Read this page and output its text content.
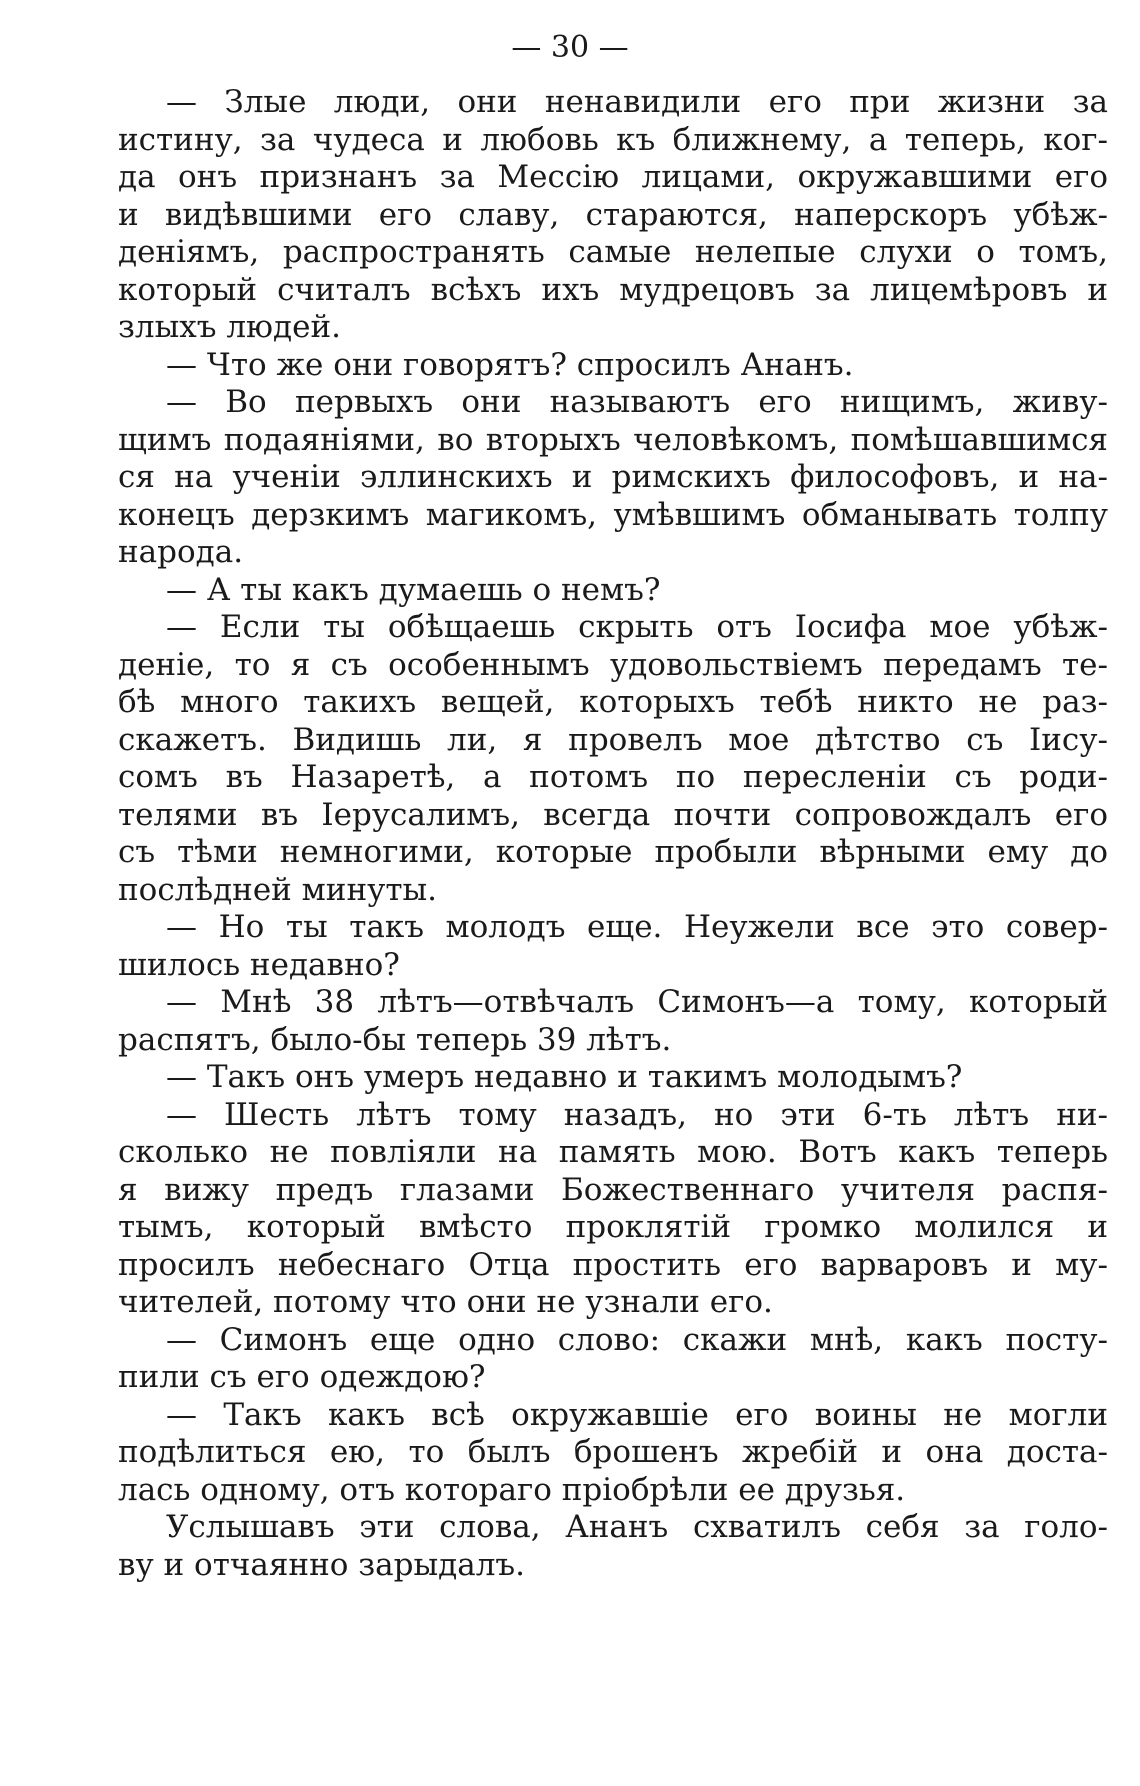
— 30 —
— Злые люди, они ненавидили его при жизни за
истину, за чудеса и любовь къ ближнему, а теперь, ког-
да онъ признанъ за Мессію лицами, окружавшими его
и видѣвшими его славу, стараются, наперскоръ убѣж-
деніямъ, распространять самые нелепые слухи о томъ,
который считалъ всѣхъ ихъ мудрецовъ за лицемѣровъ и
злыхъ людей.
— Что же они говорятъ? спросилъ Ананъ.
— Во первыхъ они называютъ его нищимъ, живу-
щимъ подаяніями, во вторыхъ человѣкомъ, помѣшавшимся
ся на ученіи эллинскихъ и римскихъ философовъ, и на-
конецъ дерзкимъ магикомъ, умѣвшимъ обманывать толпу
народа.
— А ты какъ думаешь о немъ?
— Если ты обѣщаешь скрыть отъ Іосифа мое убѣж-
деніе, то я съ особеннымъ удовольствіемъ передамъ те-
бѣ много такихъ вещей, которыхъ тебѣ никто не раз-
скажетъ. Видишь ли, я провелъ мое дѣтство съ Іису-
сомъ въ Назаретѣ, а потомъ по пересленіи съ роди-
телями въ Іерусалимъ, всегда почти сопровождалъ его
съ тѣми немногими, которые пробыли вѣрными ему до
послѣдней минуты.
— Но ты такъ молодъ еще. Неужели все это совер-
шилось недавно?
— Мнѣ 38 лѣтъ—отвѣчалъ Симонъ—а тому, который
распятъ, было-бы теперь 39 лѣтъ.
— Такъ онъ умеръ недавно и такимъ молодымъ?
— Шесть лѣтъ тому назадъ, но эти 6-ть лѣтъ ни-
сколько не повліяли на память мою. Вотъ какъ теперь
я вижу предъ глазами Божественнаго учителя распя-
тымъ, который вмѣсто проклятій громко молился и
просилъ небеснаго Отца простить его варваровъ и му-
чителей, потому что они не узнали его.
— Симонъ еще одно слово: скажи мнѣ, какъ посту-
пили съ его одеждою?
— Такъ какъ всѣ окружавшіе его воины не могли
подѣлиться ею, то былъ брошенъ жребій и она доста-
лась одному, отъ котораго пріобрѣли ее друзья.
Услышавъ эти слова, Ананъ схватилъ себя за голо-
ву и отчаянно зарыдалъ.
